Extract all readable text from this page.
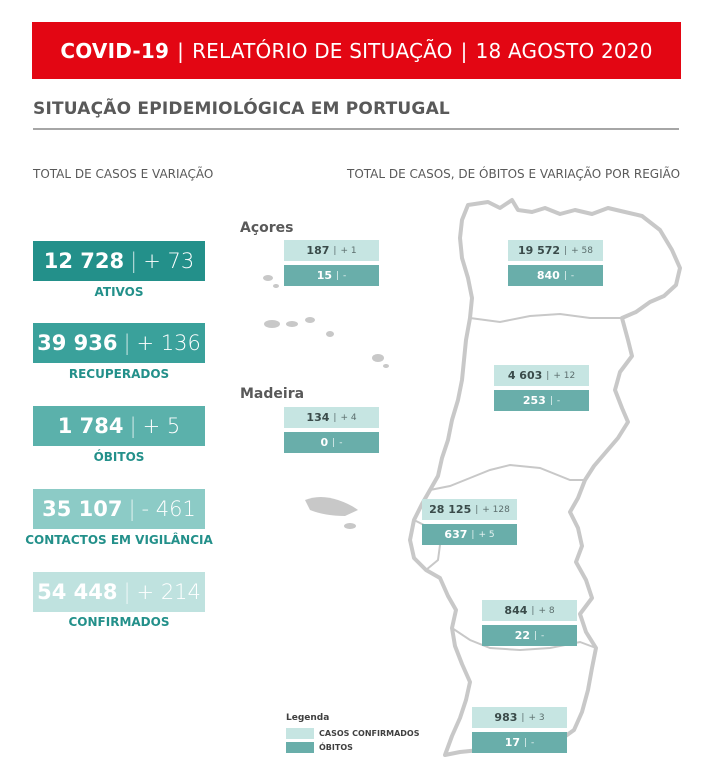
COVID-19 | RELATÓRIO DE SITUAÇÃO | 18 AGOSTO 2020
SITUAÇÃO EPIDEMIOLÓGICA EM PORTUGAL
TOTAL DE CASOS E VARIAÇÃO	TOTAL DE CASOS, DE ÓBITOS E VARIAÇÃO POR REGIÃO
12 728 | + 73
ATIVOS
39 936 | + 136
RECUPERADOS
1 784 | + 5
ÓBITOS
35 107 | - 461
CONTACTOS EM VIGILÂNCIA
54 448 | + 214
CONFIRMADOS
Açores
Madeira
187 | + 1
15 | -
134 | + 4
0 | -
19 572 | + 58
840 | -
4 603 | + 12
253 | -
28 125 | + 128
637 | + 5
844 | + 8
22 | -
983 | + 3
17 | -
Legenda
CASOS CONFIRMADOS
ÓBITOS
